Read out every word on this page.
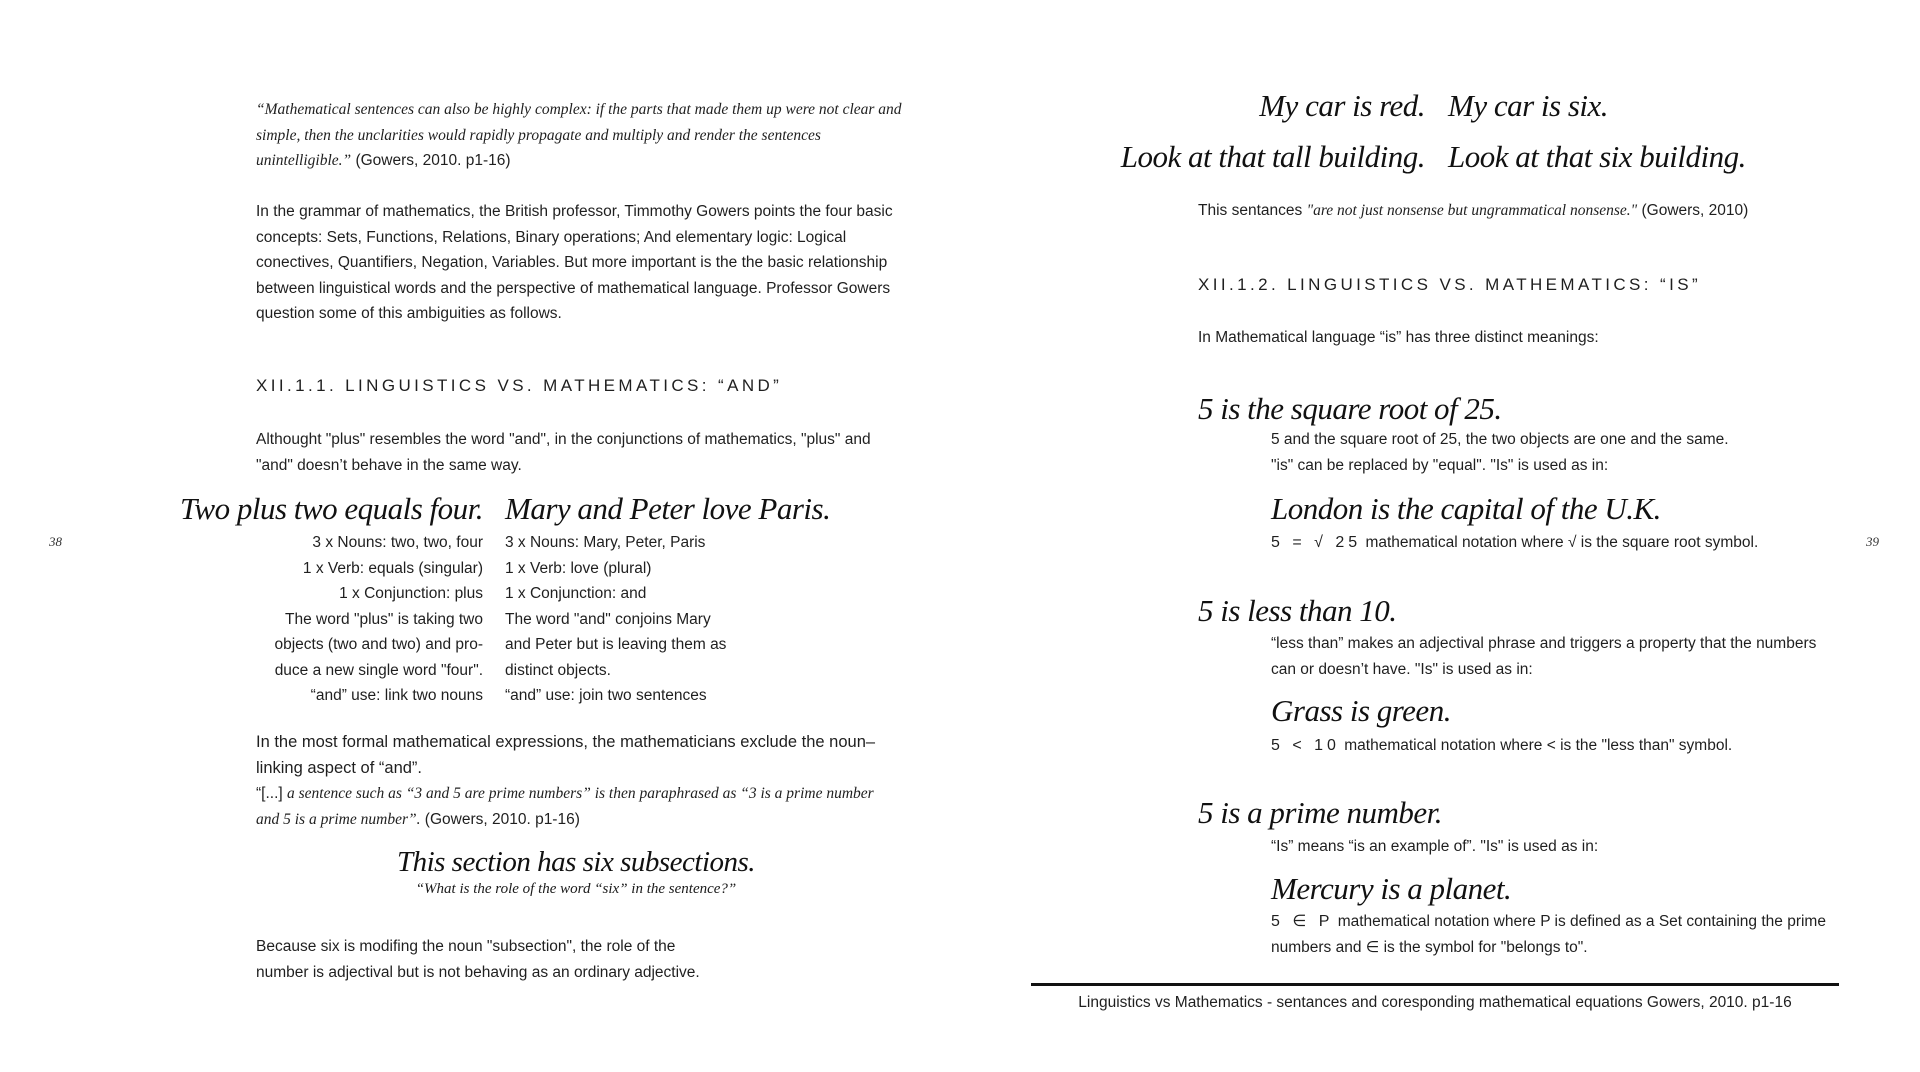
38

“Mathematical sentences can also be highly complex: if the parts that made them up were not clear and simple, then the unclarities would rapidly propagate and multiply and render the sentences unintelligible.” (Gowers, 2010. p1-16)

In the grammar of mathematics, the British professor, Timmothy Gowers points the four basic concepts: Sets, Functions, Relations, Binary operations; And elementary logic: Logical conectives, Quantifiers, Negation, Variables. But more important is the the basic relationship between linguistical words and the perspective of mathematical language. Professor Gowers question some of this ambiguities as follows.
XII.1.1. LINGUISTICS VS. MATHEMATICS: “AND”
Althought "plus" resembles the word "and", in the conjunctions of mathematics, "plus" and "and" doesn’t behave in the same way.
Two plus two equals four. Mary and Peter love Paris.
3 x Nouns: two, two, four
1 x Verb: equals (singular)
1 x Conjunction: plus
The word "plus" is taking two
objects (two and two) and pro-
duce a new single word "four".
“and” use: link two nouns
3 x Nouns: Mary, Peter, Paris
1 x Verb: love (plural)
1 x Conjunction: and
The word "and" conjoins Mary
and Peter but is leaving them as
distinct objects.
“and” use: join two sentences

In the most formal mathematical expressions, the mathematicians exclude the noun–linking aspect of “and”.

“[...] a sentence such as “3 and 5 are prime numbers” is then paraphrased as “3 is a prime number and 5 is a prime number”. (Gowers, 2010. p1-16)

This section has six subsections.
“What is the role of the word “six” in the sentence?”
Because six is modifing the noun "subsection", the role of the number is adjectival but is not behaving as an ordinary adjective.
39
My car is red. My car is six.
Look at that tall building. Look at that six building.
This sentances "are not just nonsense but ungrammatical nonsense." (Gowers, 2010)
XII.1.2. LINGUISTICS VS. MATHEMATICS: “IS”
In Mathematical language “is” has three distinct meanings:
5 is the square root of 25.
5 and the square root of 25, the two objects are one and the same.
"is" can be replaced by "equal". "Is" is used as in:
London is the capital of the U.K.
5 = √ 25 mathematical notation where √ is the square root symbol.
5 is less than 10.
“less than” makes an adjectival phrase and triggers a property that the numbers
can or doesn’t have. "Is" is used as in:
Grass is green.
5 < 10 mathematical notation where < is the "less than" symbol.
5 is a prime number.
“Is” means “is an example of”. "Is" is used as in:
Mercury is a planet.
5 ∈ P mathematical notation where P is defined as a Set containing the prime
numbers and ∈ is the symbol for "belongs to".
Linguistics vs Mathematics - sentances and coresponding mathematical equations Gowers, 2010. p1-16
